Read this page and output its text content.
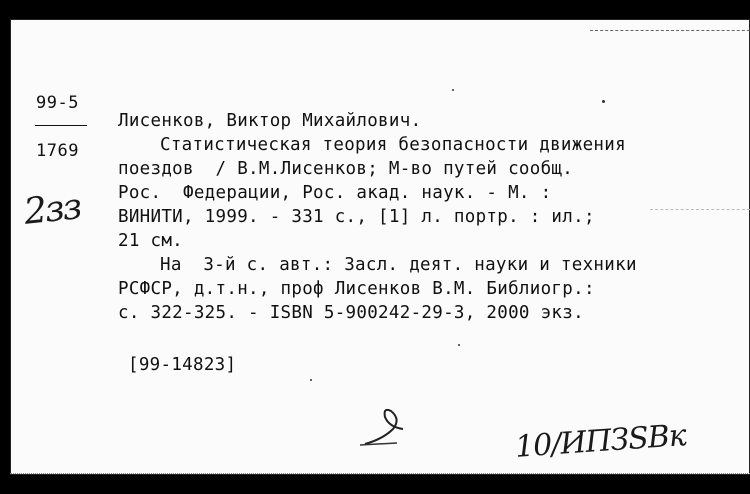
99-5
1769
Лисенков, Виктор Михайлович.
Статистическая теория безопасности движения
поездов  / В.М.Лисенков; М-во путей сообщ.
Рос.  Федерации, Рос. акад. наук. - М. :
ВИНИТИ, 1999. - 331 с., [1] л. портр. : ил.;
21 см.
На  3-й с. авт.: Засл. деят. науки и техники
РСФСР, д.т.н., проф Лисенков В.М. Библиогр.:
с. 322-325. - ISBN 5-900242-29-3, 2000 экз.
[99-14823]
2зз
10/ИПЗSBк
